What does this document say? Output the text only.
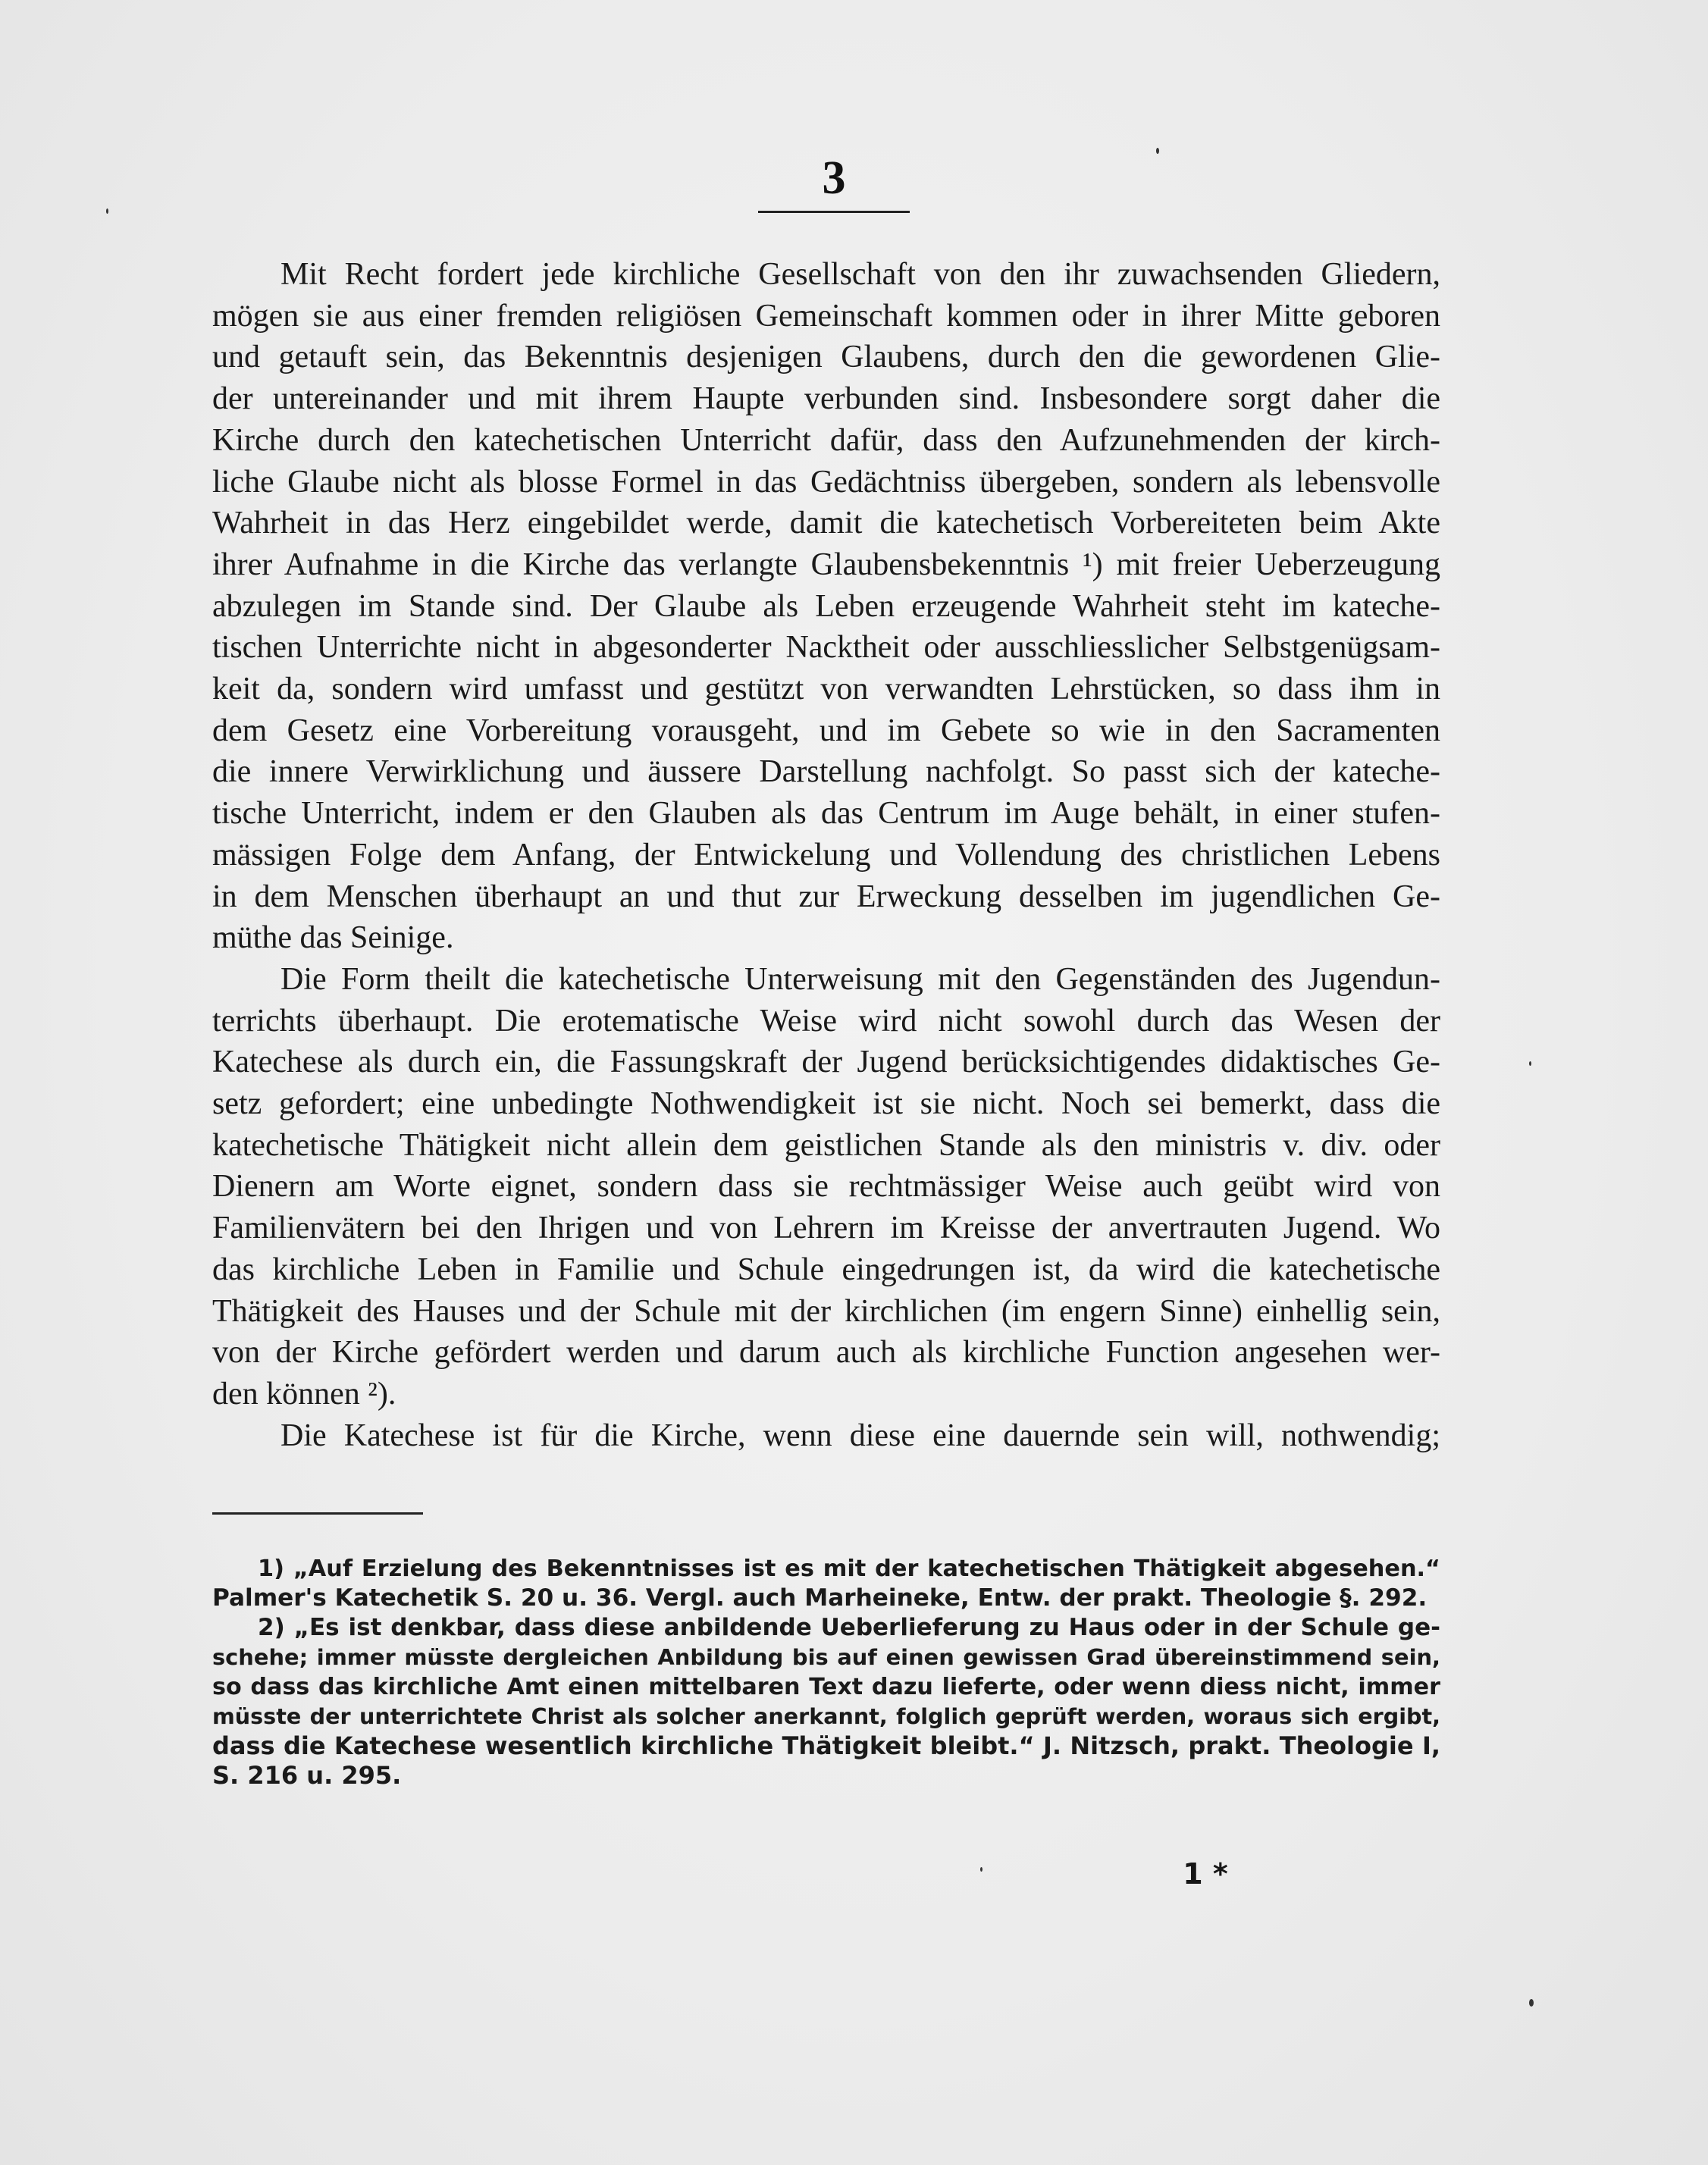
3
Mit Recht fordert jede kirchliche Gesellschaft von den ihr zuwachsenden Gliedern,
mögen sie aus einer fremden religiösen Gemeinschaft kommen oder in ihrer Mitte geboren
und getauft sein, das Bekenntnis desjenigen Glaubens, durch den die gewordenen Glie-
der untereinander und mit ihrem Haupte verbunden sind. Insbesondere sorgt daher die
Kirche durch den katechetischen Unterricht dafür, dass den Aufzunehmenden der kirch-
liche Glaube nicht als blosse Formel in das Gedächtniss übergeben, sondern als lebensvolle
Wahrheit in das Herz eingebildet werde, damit die katechetisch Vorbereiteten beim Akte
ihrer Aufnahme in die Kirche das verlangte Glaubensbekenntnis ¹) mit freier Ueberzeugung
abzulegen im Stande sind. Der Glaube als Leben erzeugende Wahrheit steht im kateche-
tischen Unterrichte nicht in abgesonderter Nacktheit oder ausschliesslicher Selbstgenügsam-
keit da, sondern wird umfasst und gestützt von verwandten Lehrstücken, so dass ihm in
dem Gesetz eine Vorbereitung vorausgeht, und im Gebete so wie in den Sacramenten
die innere Verwirklichung und äussere Darstellung nachfolgt. So passt sich der kateche-
tische Unterricht, indem er den Glauben als das Centrum im Auge behält, in einer stufen-
mässigen Folge dem Anfang, der Entwickelung und Vollendung des christlichen Lebens
in dem Menschen überhaupt an und thut zur Erweckung desselben im jugendlichen Ge-
müthe das Seinige.
Die Form theilt die katechetische Unterweisung mit den Gegenständen des Jugendun-
terrichts überhaupt. Die erotematische Weise wird nicht sowohl durch das Wesen der
Katechese als durch ein, die Fassungskraft der Jugend berücksichtigendes didaktisches Ge-
setz gefordert; eine unbedingte Nothwendigkeit ist sie nicht. Noch sei bemerkt, dass die
katechetische Thätigkeit nicht allein dem geistlichen Stande als den ministris v. div. oder
Dienern am Worte eignet, sondern dass sie rechtmässiger Weise auch geübt wird von
Familienvätern bei den Ihrigen und von Lehrern im Kreisse der anvertrauten Jugend. Wo
das kirchliche Leben in Familie und Schule eingedrungen ist, da wird die katechetische
Thätigkeit des Hauses und der Schule mit der kirchlichen (im engern Sinne) einhellig sein,
von der Kirche gefördert werden und darum auch als kirchliche Function angesehen wer-
den können ²).
Die Katechese ist für die Kirche, wenn diese eine dauernde sein will, nothwendig;
1) „Auf Erzielung des Bekenntnisses ist es mit der katechetischen Thätigkeit abgesehen.“
Palmer's Katechetik S. 20 u. 36. Vergl. auch Marheineke, Entw. der prakt. Theologie §. 292.
2) „Es ist denkbar, dass diese anbildende Ueberlieferung zu Haus oder in der Schule ge-
schehe; immer müsste dergleichen Anbildung bis auf einen gewissen Grad übereinstimmend sein,
so dass das kirchliche Amt einen mittelbaren Text dazu lieferte, oder wenn diess nicht, immer
müsste der unterrichtete Christ als solcher anerkannt, folglich geprüft werden, woraus sich ergibt,
dass die Katechese wesentlich kirchliche Thätigkeit bleibt.“ J. Nitzsch, prakt. Theologie I,
S. 216 u. 295.
1 *
